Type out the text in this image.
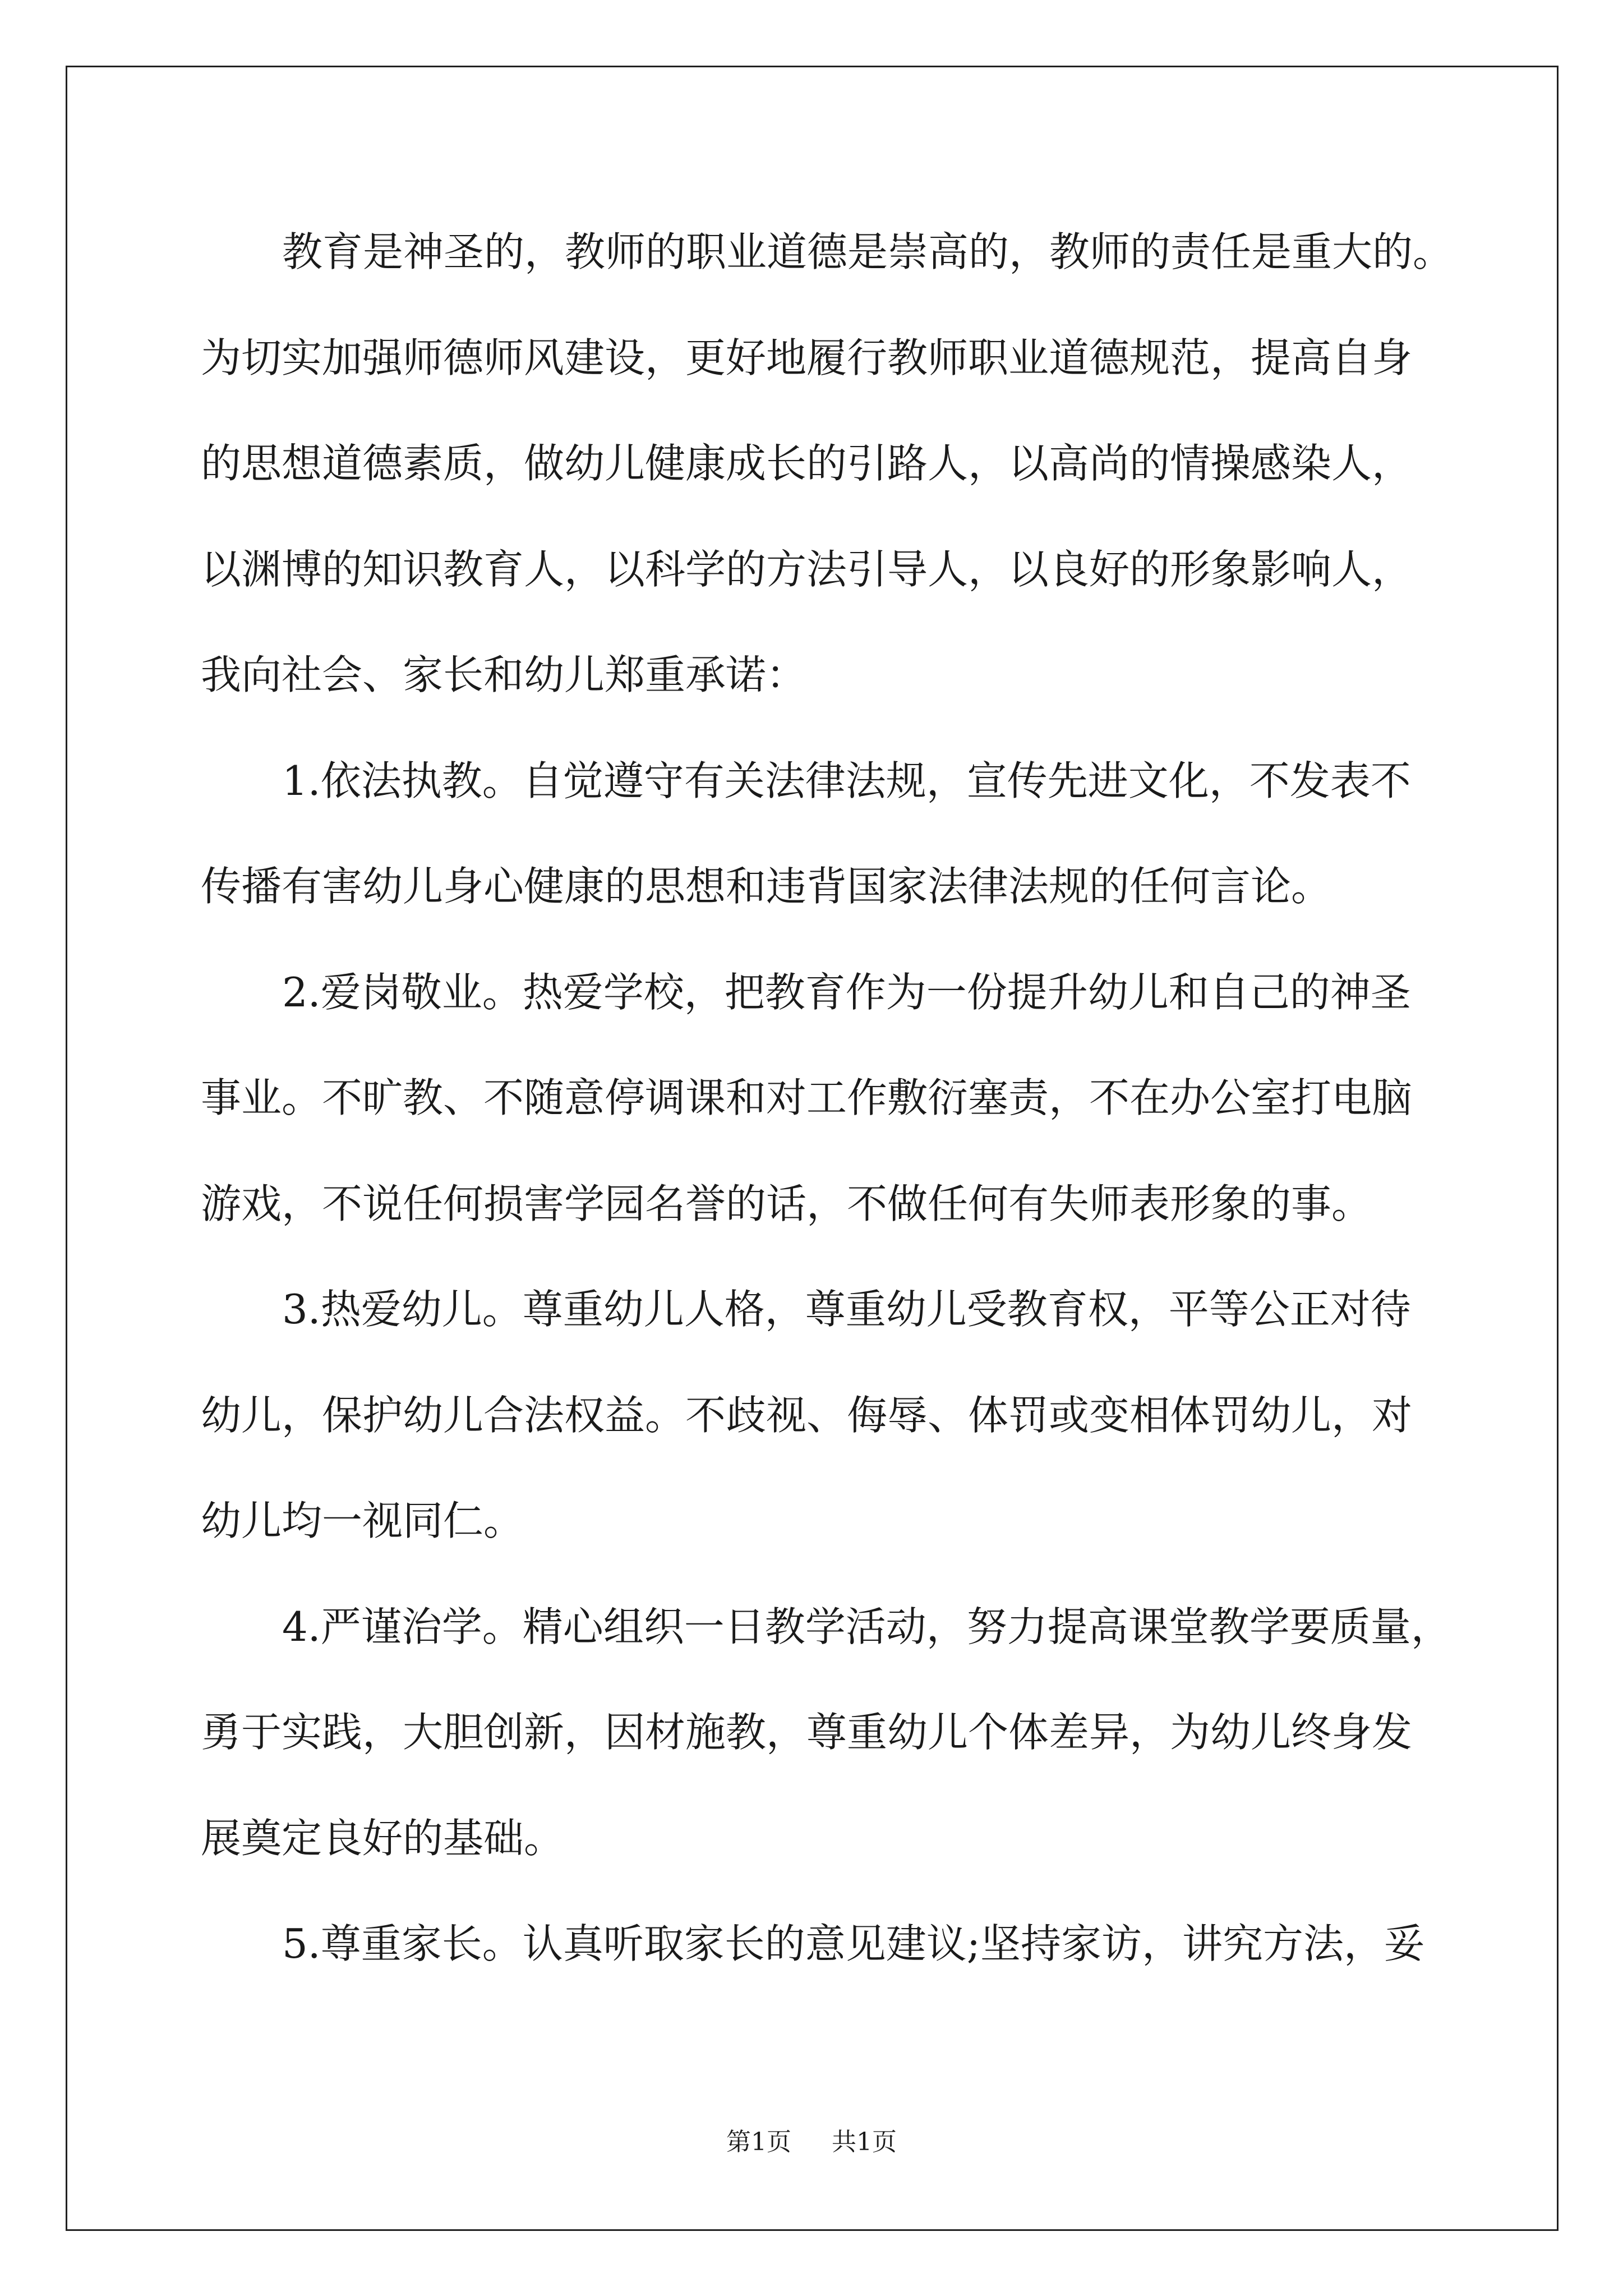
教育是神圣的，教师的职业道德是崇高的，教师的责任是重大的。
为切实加强师德师风建设，更好地履行教师职业道德规范，提高自身
的思想道德素质，做幼儿健康成长的引路人，以高尚的情操感染人，
以渊博的知识教育人，以科学的方法引导人，以良好的形象影响人，
我向社会、家长和幼儿郑重承诺：
1.依法执教。自觉遵守有关法律法规，宣传先进文化，不发表不
传播有害幼儿身心健康的思想和违背国家法律法规的任何言论。
2.爱岗敬业。热爱学校，把教育作为一份提升幼儿和自己的神圣
事业。不旷教、不随意停调课和对工作敷衍塞责，不在办公室打电脑
游戏，不说任何损害学园名誉的话，不做任何有失师表形象的事。
3.热爱幼儿。尊重幼儿人格，尊重幼儿受教育权，平等公正对待
幼儿，保护幼儿合法权益。不歧视、侮辱、体罚或变相体罚幼儿，对
幼儿均一视同仁。
4.严谨治学。精心组织一日教学活动，努力提高课堂教学要质量，
勇于实践，大胆创新，因材施教，尊重幼儿个体差异，为幼儿终身发
展奠定良好的基础。
5.尊重家长。认真听取家长的意见建议;坚持家访，讲究方法，妥
第1页 共1页
